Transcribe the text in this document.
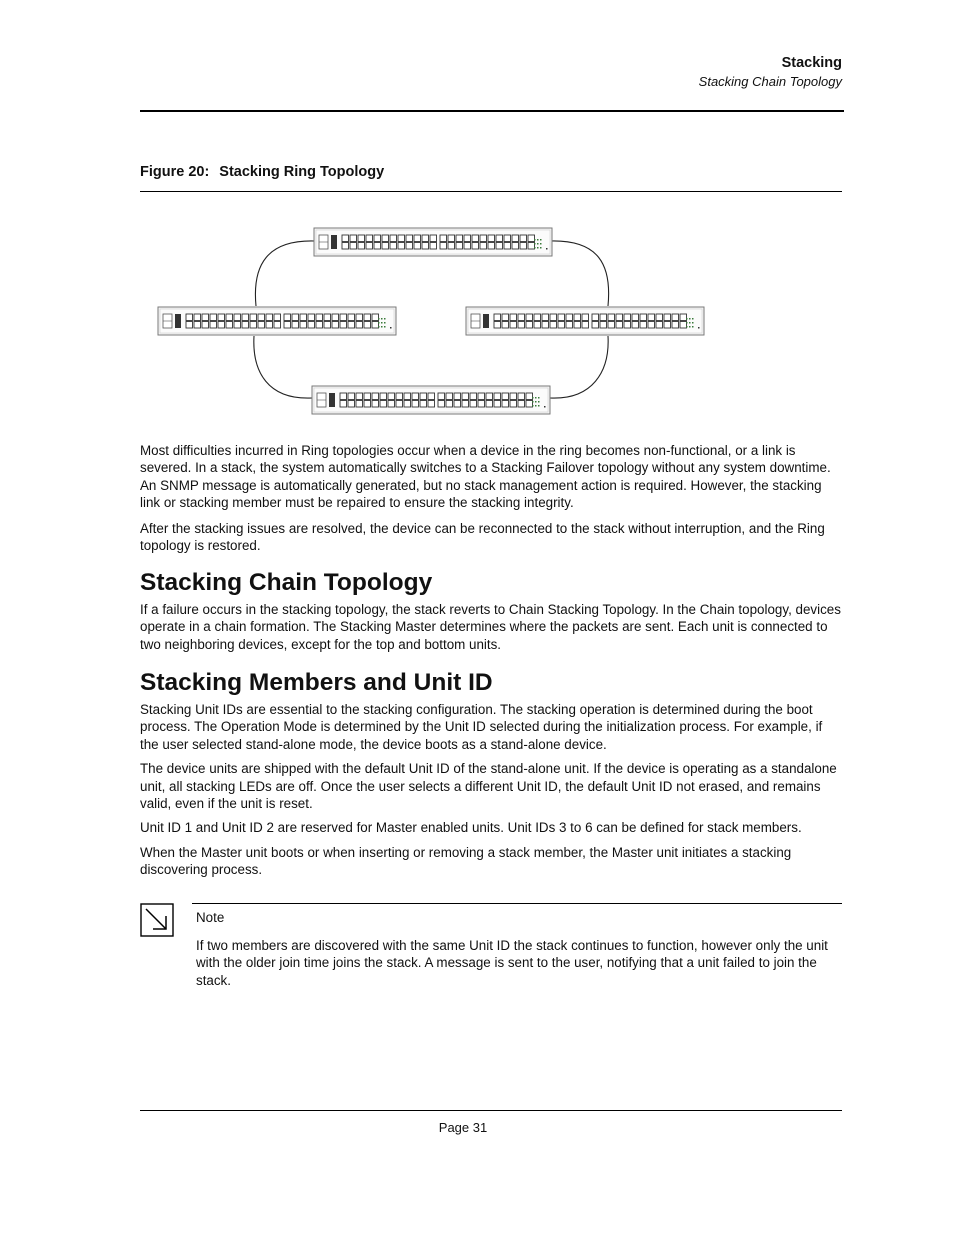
Stacking
Stacking Chain Topology
Figure 20: Stacking Ring Topology

Most difficulties incurred in Ring topologies occur when a device in the ring becomes non-functional, or a link is severed. In a stack, the system automatically switches to a Stacking Failover topology without any system downtime. An SNMP message is automatically generated, but no stack management action is required. However, the stacking link or stacking member must be repaired to ensure the stacking integrity.

After the stacking issues are resolved, the device can be reconnected to the stack without interruption, and the Ring topology is restored.

Stacking Chain Topology

If a failure occurs in the stacking topology, the stack reverts to Chain Stacking Topology. In the Chain topology, devices operate in a chain formation. The Stacking Master determines where the packets are sent. Each unit is connected to two neighboring devices, except for the top and bottom units.

Stacking Members and Unit ID

Stacking Unit IDs are essential to the stacking configuration. The stacking operation is determined during the boot process. The Operation Mode is determined by the Unit ID selected during the initialization process. For example, if the user selected stand-alone mode, the device boots as a stand-alone device.

The device units are shipped with the default Unit ID of the stand-alone unit. If the device is operating as a standalone unit, all stacking LEDs are off. Once the user selects a different Unit ID, the default Unit ID not erased, and remains valid, even if the unit is reset.

Unit ID 1 and Unit ID 2 are reserved for Master enabled units. Unit IDs 3 to 6 can be defined for stack members.

When the Master unit boots or when inserting or removing a stack member, the Master unit initiates a stacking discovering process.

Note
If two members are discovered with the same Unit ID the stack continues to function, however only the unit with the older join time joins the stack. A message is sent to the user, notifying that a unit failed to join the stack.
Page 31
